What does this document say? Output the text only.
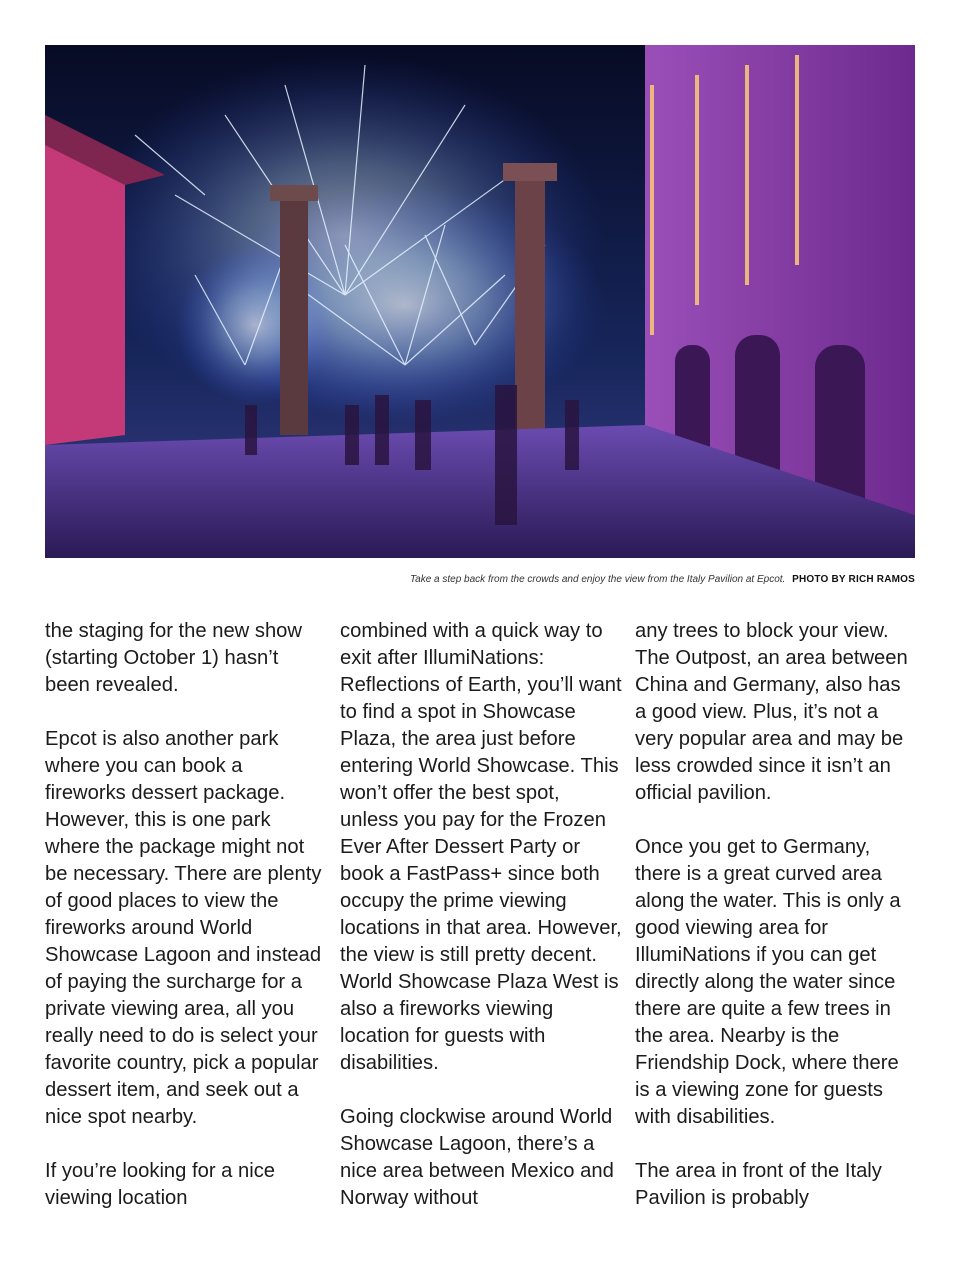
Take a step back from the crowds and enjoy the view from the Italy Pavilion at Epcot. PHOTO BY RICH RAMOS

the staging for the new show (starting October 1) hasn’t been revealed.

Epcot is also another park where you can book a fireworks dessert package. However, this is one park where the package might not be necessary. There are plenty of good places to view the fireworks around World Showcase Lagoon and instead of paying the surcharge for a private viewing area, all you really need to do is select your favorite country, pick a popular dessert item, and seek out a nice spot nearby.

If you’re looking for a nice viewing location

combined with a quick way to exit after IllumiNations: Reflections of Earth, you’ll want to find a spot in Showcase Plaza, the area just before entering World Showcase. This won’t offer the best spot, unless you pay for the Frozen Ever After Dessert Party or book a FastPass+ since both occupy the prime viewing locations in that area. However, the view is still pretty decent. World Showcase Plaza West is also a fireworks viewing location for guests with disabilities.

Going clockwise around World Showcase Lagoon, there’s a nice area between Mexico and Norway without

any trees to block your view. The Outpost, an area between China and Germany, also has a good view. Plus, it’s not a very popular area and may be less crowded since it isn’t an official pavilion.

Once you get to Germany, there is a great curved area along the water. This is only a good viewing area for IllumiNations if you can get directly along the water since there are quite a few trees in the area. Nearby is the Friendship Dock, where there is a viewing zone for guests with disabilities.

The area in front of the Italy Pavilion is probably
